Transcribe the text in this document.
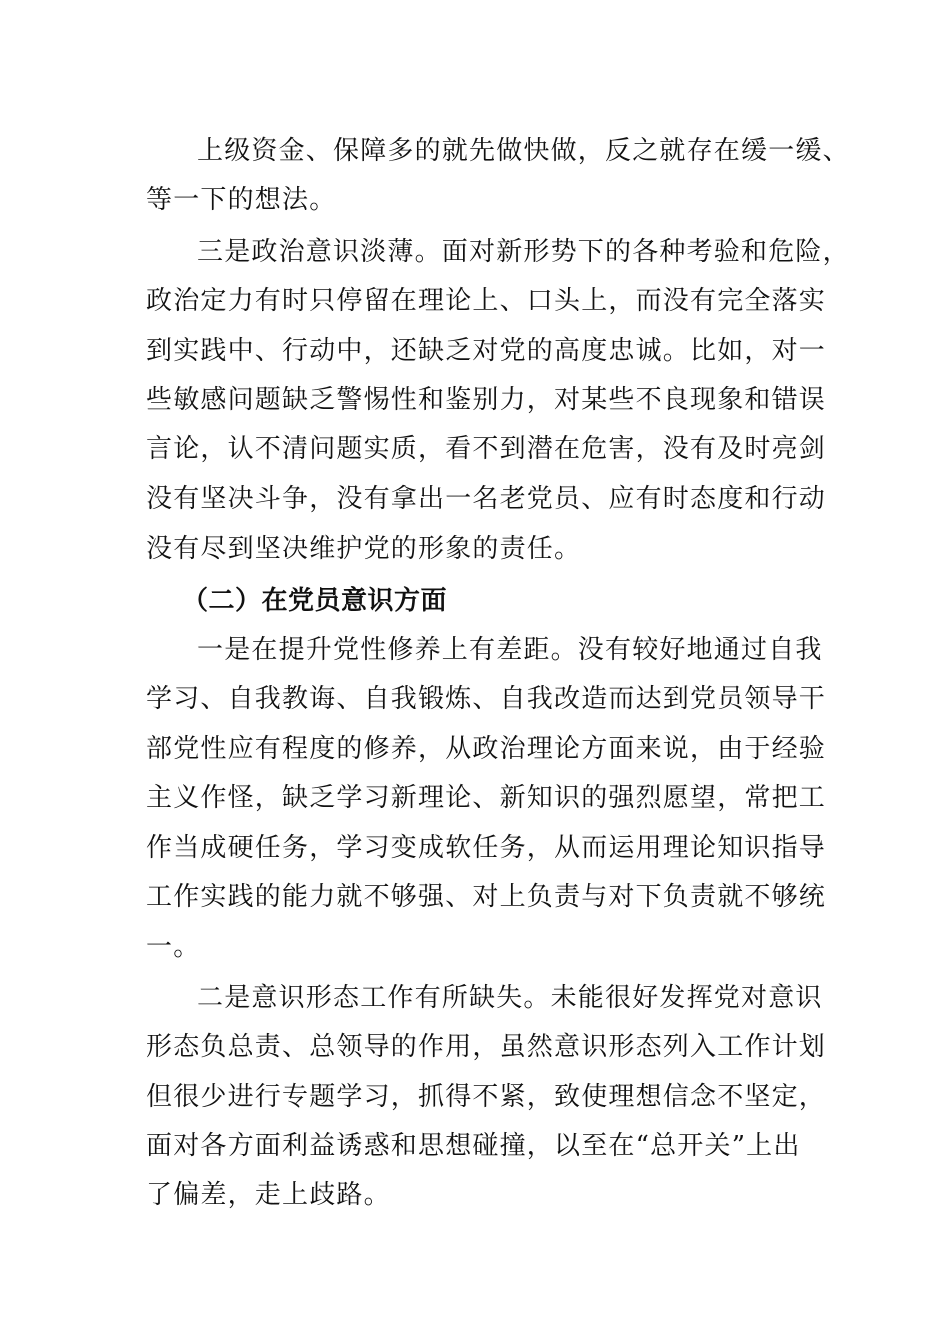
上级资金、保障多的就先做快做，反之就存在缓一缓、
等一下的想法。
三是政治意识淡薄。面对新形势下的各种考验和危险，
政治定力有时只停留在理论上、口头上，而没有完全落实
到实践中、行动中，还缺乏对党的高度忠诚。比如，对一
些敏感问题缺乏警惕性和鉴别力，对某些不良现象和错误
言论，认不清问题实质，看不到潜在危害，没有及时亮剑
没有坚决斗争，没有拿出一名老党员、应有时态度和行动
没有尽到坚决维护党的形象的责任。
（二）在党员意识方面
一是在提升党性修养上有差距。没有较好地通过自我
学习、自我教诲、自我锻炼、自我改造而达到党员领导干
部党性应有程度的修养，从政治理论方面来说，由于经验
主义作怪，缺乏学习新理论、新知识的强烈愿望，常把工
作当成硬任务，学习变成软任务，从而运用理论知识指导
工作实践的能力就不够强、对上负责与对下负责就不够统
一。
二是意识形态工作有所缺失。未能很好发挥党对意识
形态负总责、总领导的作用，虽然意识形态列入工作计划
但很少进行专题学习，抓得不紧，致使理想信念不坚定，
面对各方面利益诱惑和思想碰撞，以至在“总开关”上出
了偏差，走上歧路。
